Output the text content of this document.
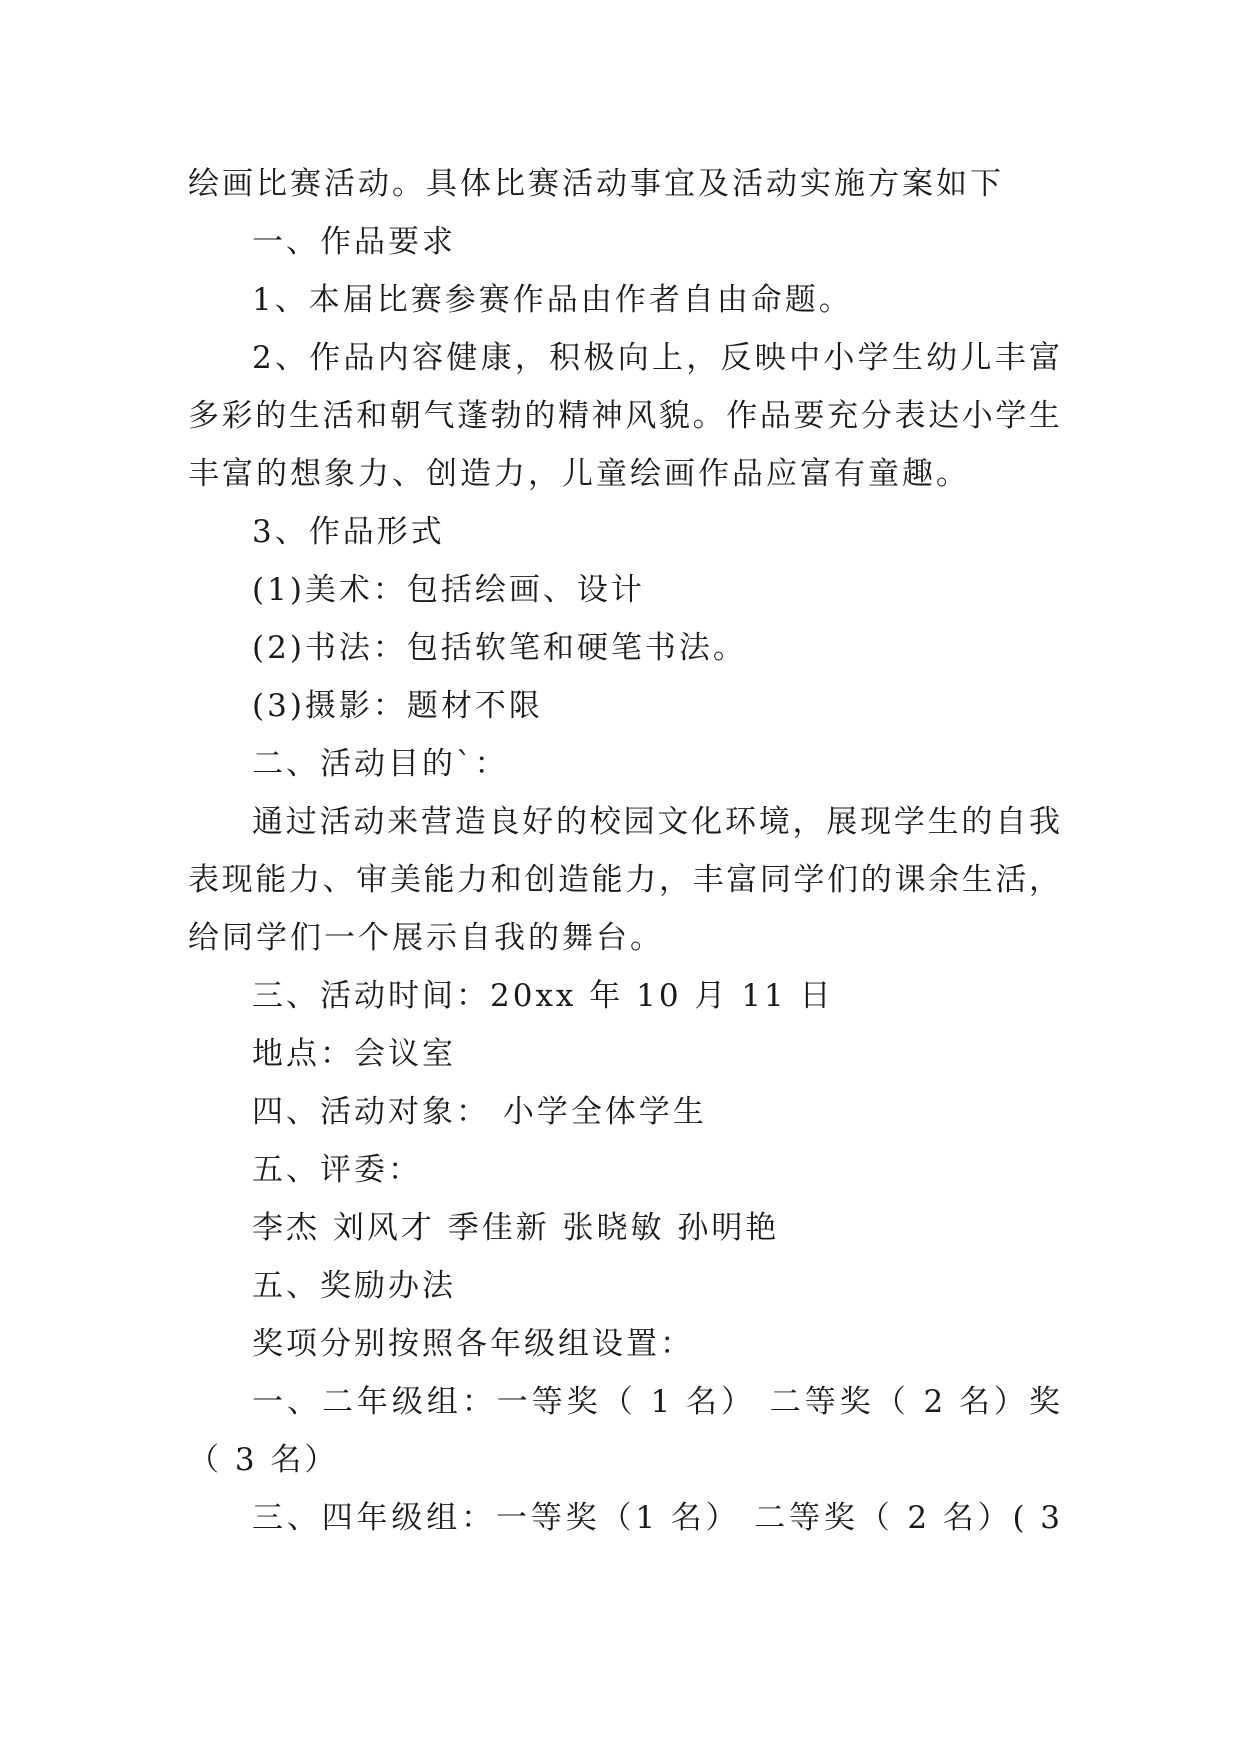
绘画比赛活动。具体比赛活动事宜及活动实施方案如下
一、作品要求
1、本届比赛参赛作品由作者自由命题。
2、作品内容健康，积极向上，反映中小学生幼儿丰富
多彩的生活和朝气蓬勃的精神风貌。作品要充分表达小学生
丰富的想象力、创造力，儿童绘画作品应富有童趣。
3、作品形式
(1)美术：包括绘画、设计
(2)书法：包括软笔和硬笔书法。
(3)摄影：题材不限
二、活动目的`：
通过活动来营造良好的校园文化环境，展现学生的自我
表现能力、审美能力和创造能力，丰富同学们的课余生活，
给同学们一个展示自我的舞台。
三、活动时间：20xx 年 10 月 11 日
地点：会议室
四、活动对象： 小学全体学生
五、评委：
李杰 刘风才 季佳新 张晓敏 孙明艳
五、奖励办法
奖项分别按照各年级组设置：
一、二年级组：一等奖（ 1 名） 二等奖（ 2 名）奖
（ 3 名）
三、四年级组：一等奖（1 名） 二等奖（ 2 名）( 3
